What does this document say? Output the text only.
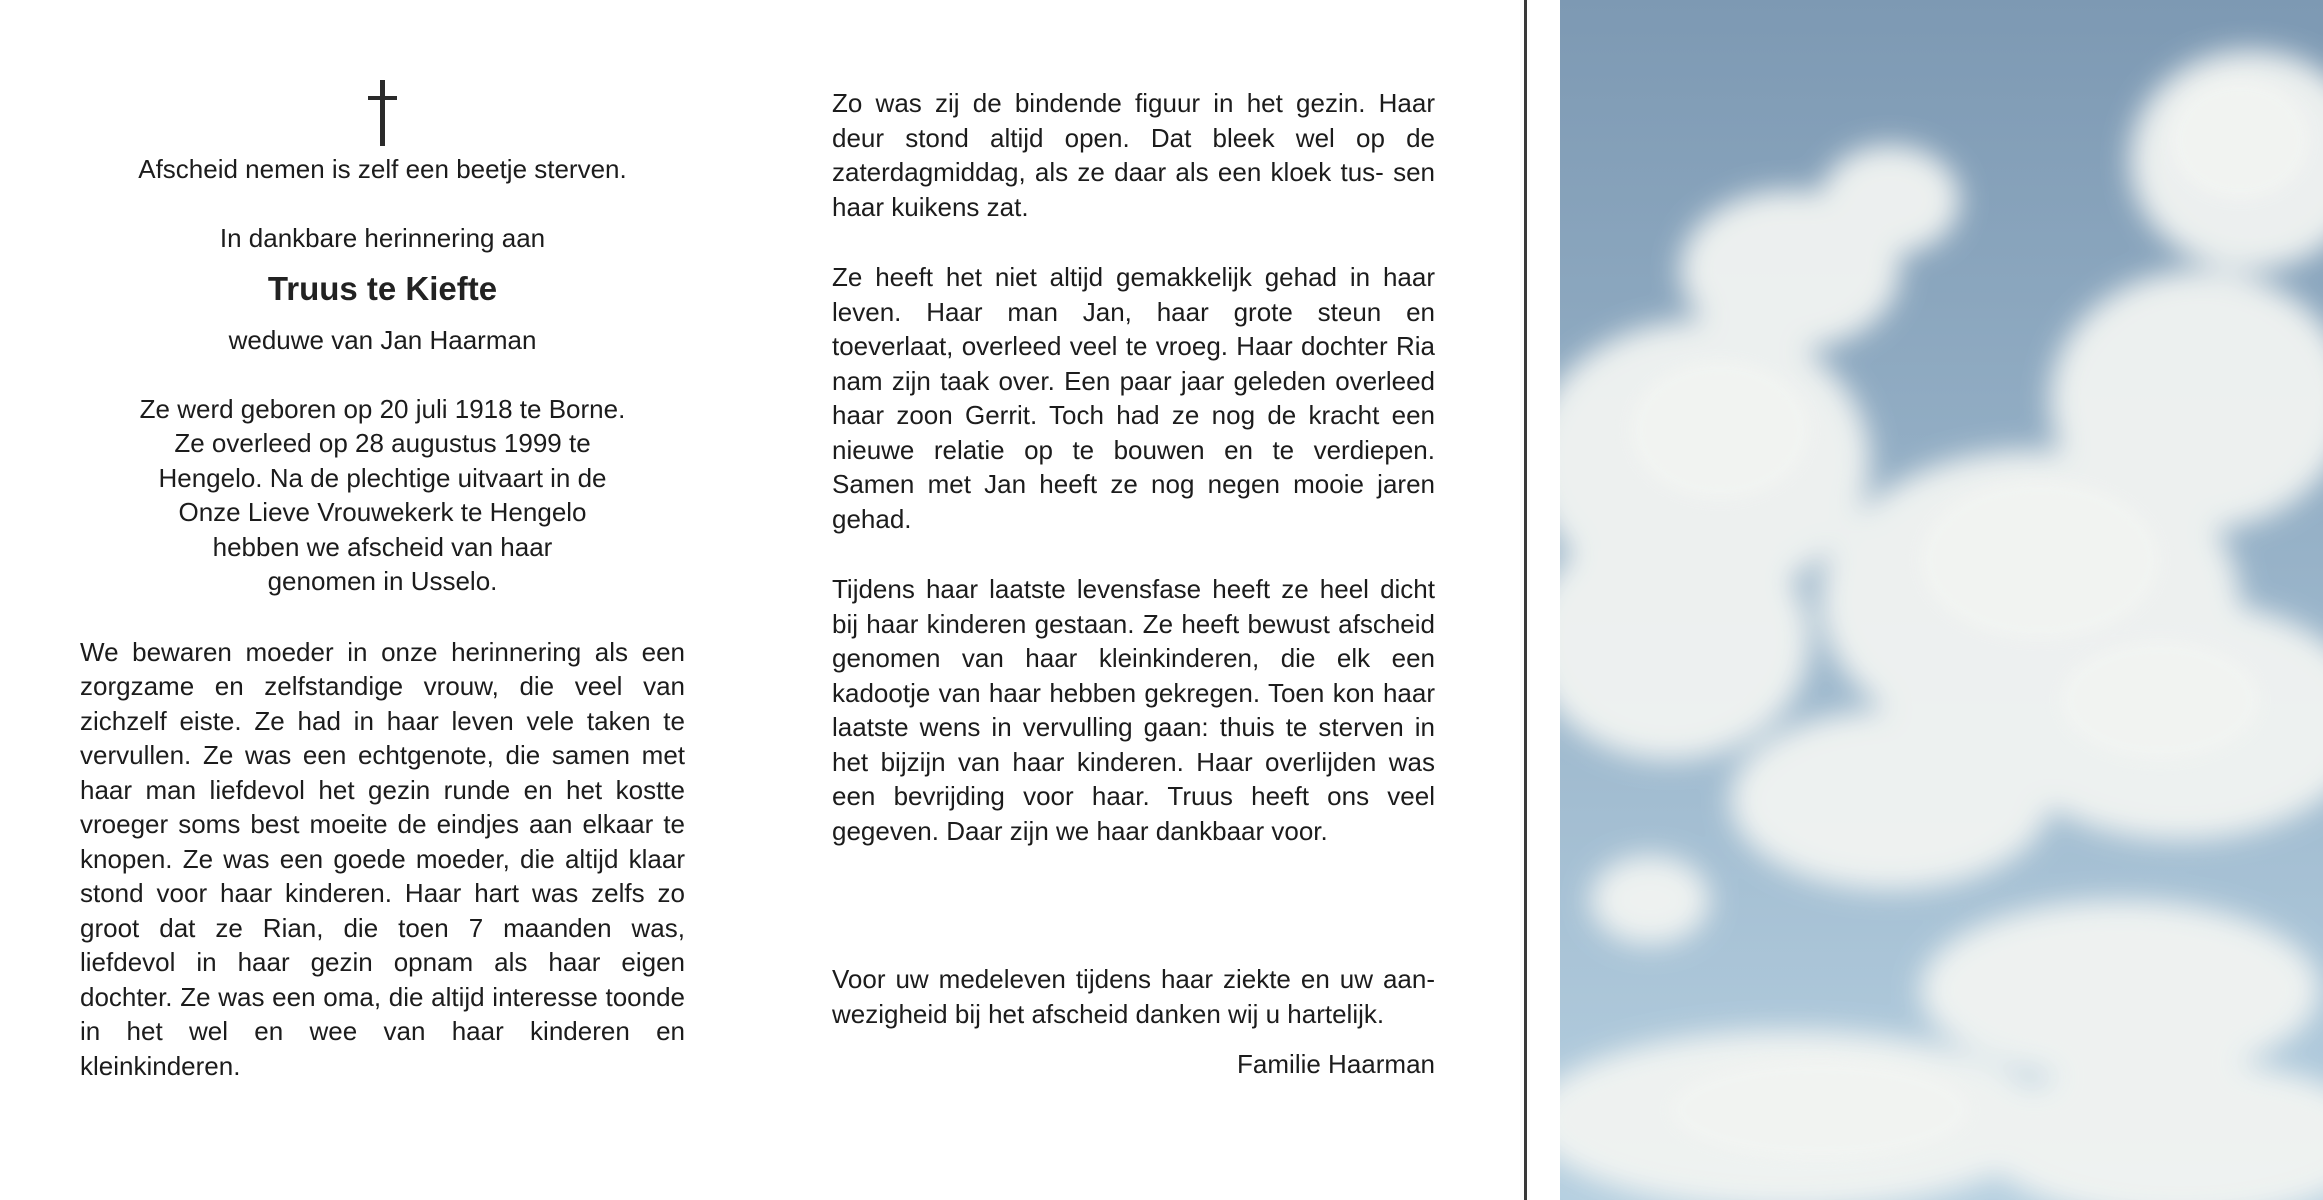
Afscheid nemen is zelf een beetje sterven.

In dankbare herinnering aan

Truus te Kiefte

weduwe van Jan Haarman

Ze werd geboren op 20 juli 1918 te Borne.

Ze overleed op 28 augustus 1999 te

Hengelo. Na de plechtige uitvaart in de

Onze Lieve Vrouwekerk te Hengelo

hebben we afscheid van haar

genomen in Usselo.

We bewaren moeder in onze herinnering als een zorgzame en zelfstandige vrouw, die veel van zichzelf eiste. Ze had in haar leven vele taken te vervullen. Ze was een echtgenote, die samen met haar man liefdevol het gezin runde en het kostte vroeger soms best moeite de eindjes aan elkaar te knopen. Ze was een goede moeder, die altijd klaar stond voor haar kinderen. Haar hart was zelfs zo groot dat ze Rian, die toen 7 maanden was, liefdevol in haar gezin opnam als haar eigen dochter. Ze was een oma, die altijd interesse toonde in het wel en wee van haar kinderen en kleinkinderen.

Zo was zij de bindende figuur in het gezin. Haar deur stond altijd open. Dat bleek wel op de zaterdagmiddag, als ze daar als een kloek tus- sen haar kuikens zat.

Ze heeft het niet altijd gemakkelijk gehad in haar leven. Haar man Jan, haar grote steun en toeverlaat, overleed veel te vroeg. Haar dochter Ria nam zijn taak over. Een paar jaar geleden overleed haar zoon Gerrit. Toch had ze nog de kracht een nieuwe relatie op te bouwen en te verdiepen. Samen met Jan heeft ze nog negen mooie jaren gehad.

Tijdens haar laatste levensfase heeft ze heel dicht bij haar kinderen gestaan. Ze heeft bewust afscheid genomen van haar kleinkinderen, die elk een kadootje van haar hebben gekregen. Toen kon haar laatste wens in vervulling gaan: thuis te sterven in het bijzijn van haar kinderen. Haar overlijden was een bevrijding voor haar. Truus heeft ons veel gegeven. Daar zijn we haar dankbaar voor.

Voor uw medeleven tijdens haar ziekte en uw aan- wezigheid bij het afscheid danken wij u hartelijk.

Familie Haarman
